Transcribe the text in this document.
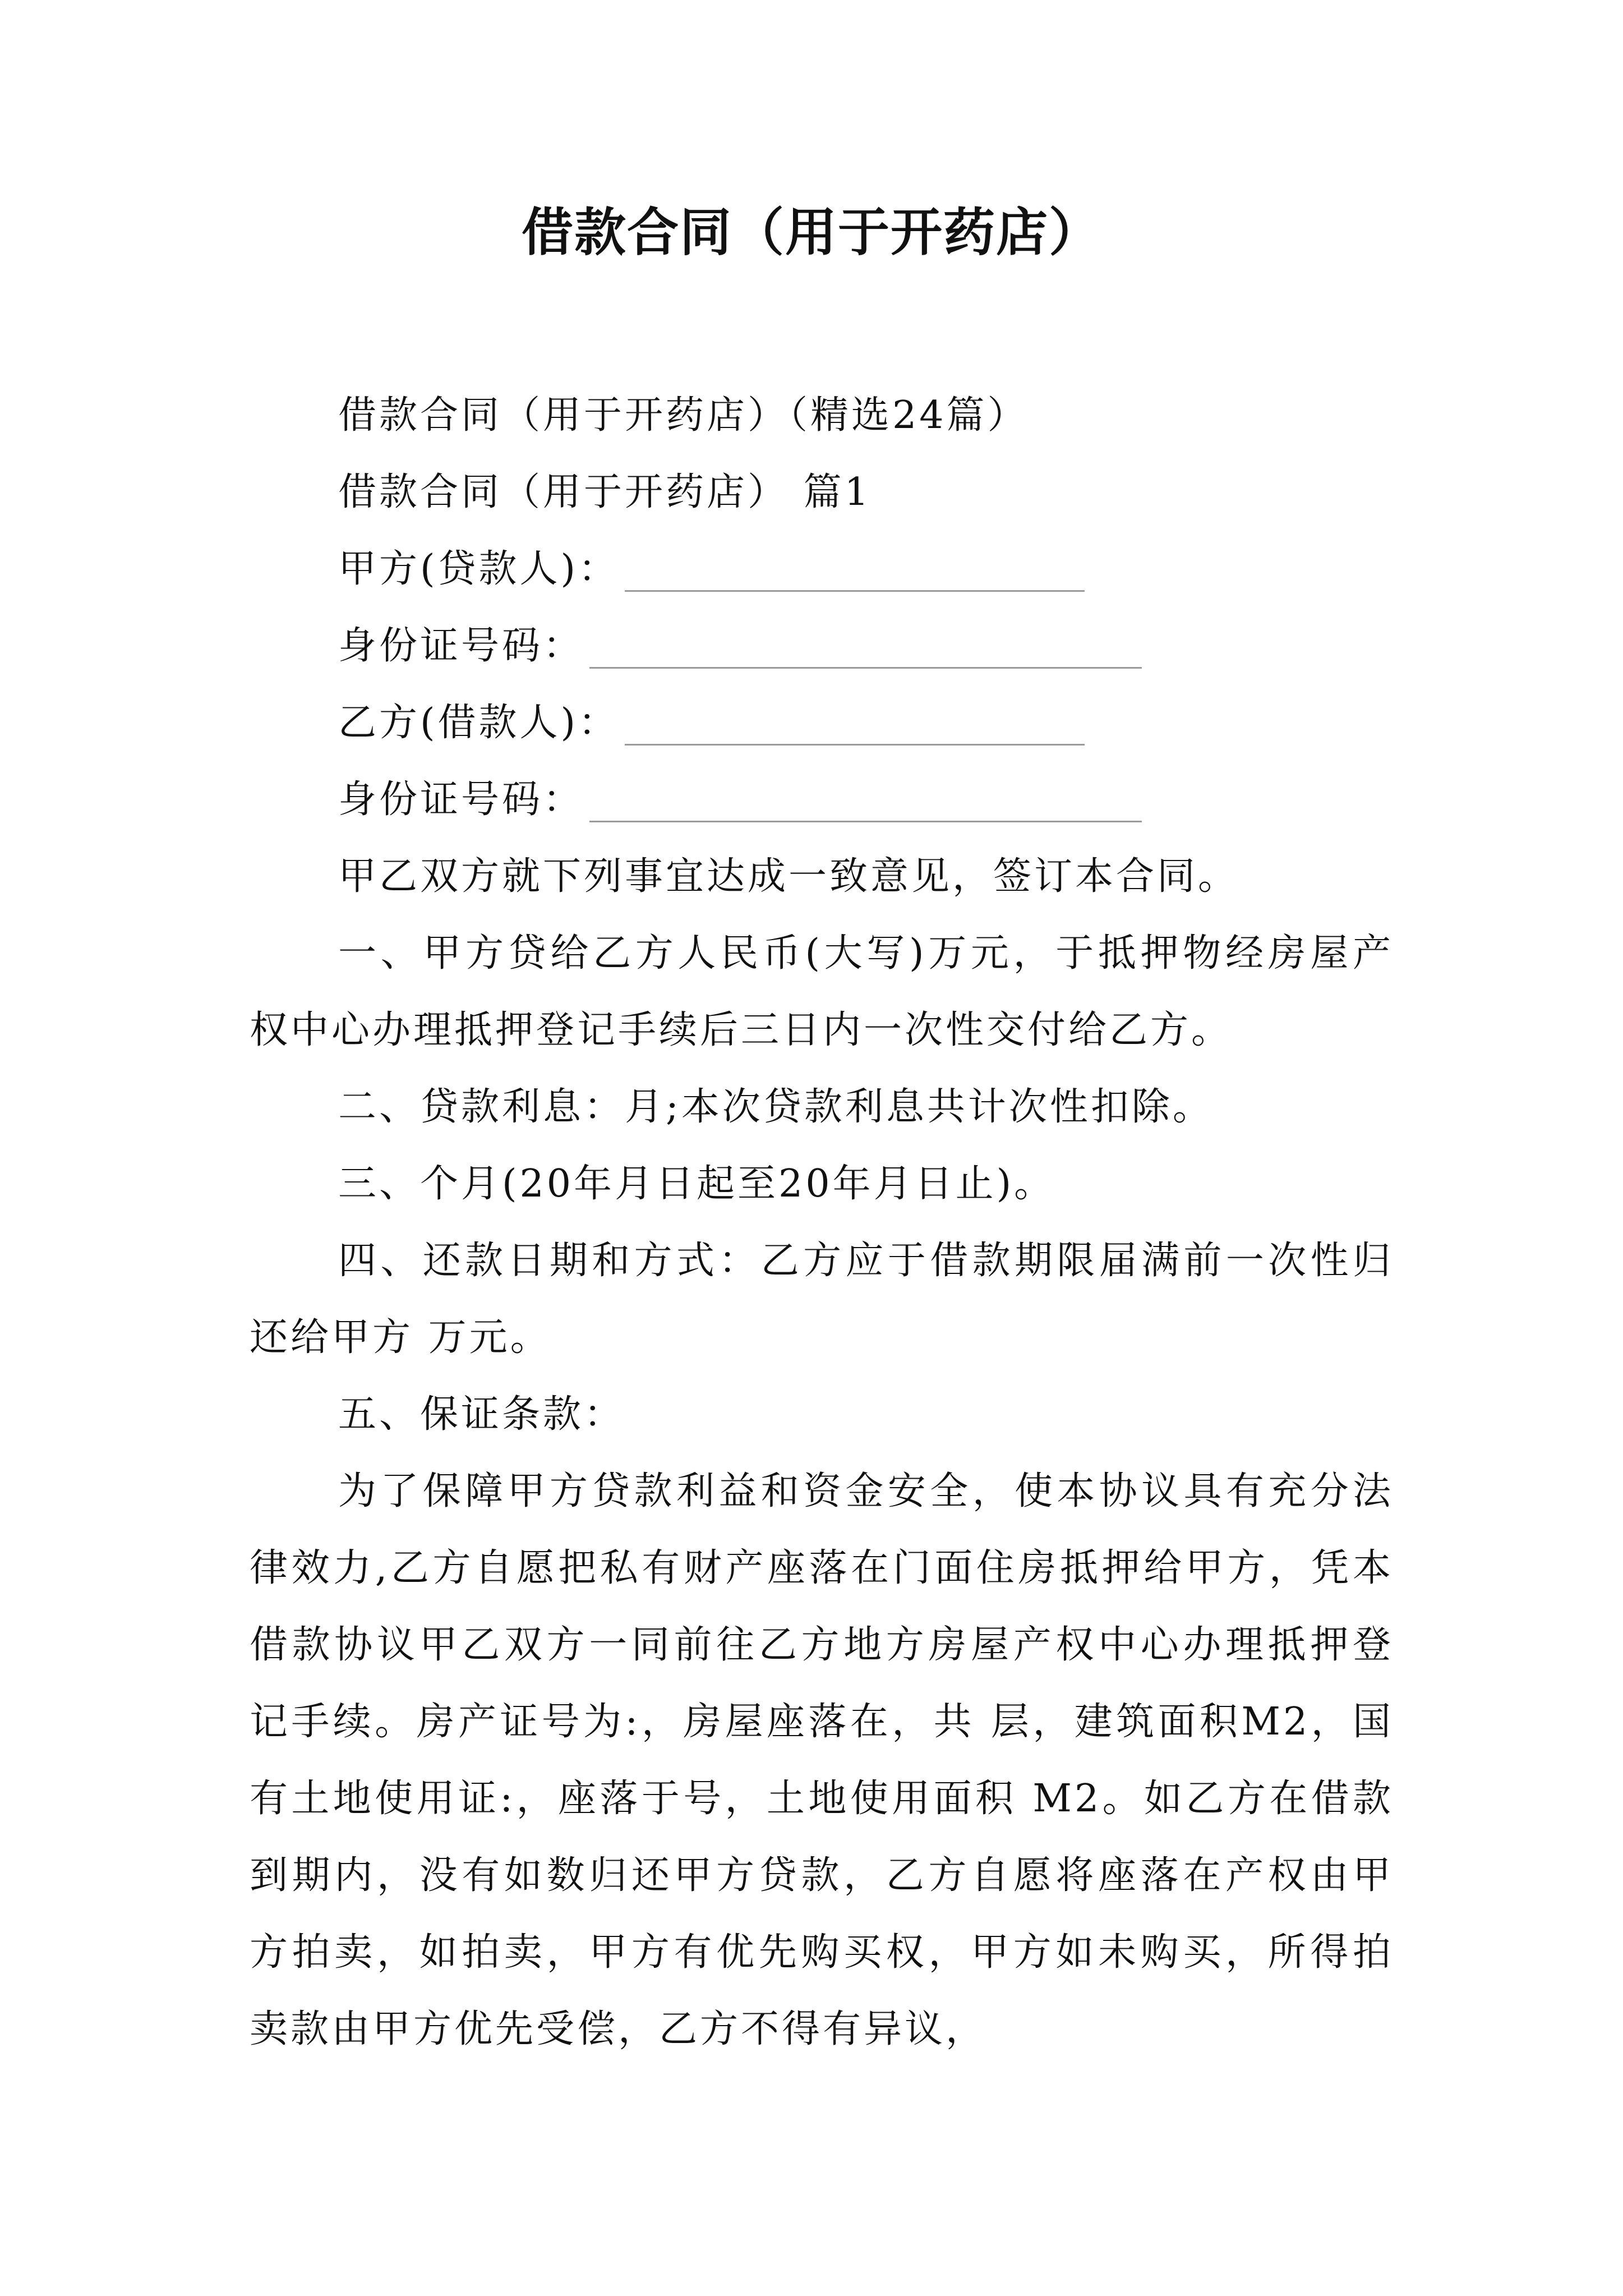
借款合同（用于开药店）

借款合同（用于开药店）（精选24篇）

借款合同（用于开药店） 篇1

甲方(贷款人)：
身份证号码：
乙方(借款人)：
身份证号码：

甲乙双方就下列事宜达成一致意见，签订本合同。

一、甲方贷给乙方人民币(大写)万元，于抵押物经房屋产权中心办理抵押登记手续后三日内一次性交付给乙方。

二、贷款利息：月;本次贷款利息共计次性扣除。

三、个月(20年月日起至20年月日止)。

四、还款日期和方式：乙方应于借款期限届满前一次性归还给甲方 万元。

五、保证条款：

为了保障甲方贷款利益和资金安全，使本协议具有充分法律效力,乙方自愿把私有财产座落在门面住房抵押给甲方，凭本借款协议甲乙双方一同前往乙方地方房屋产权中心办理抵押登记手续。房产证号为:，房屋座落在，共 层，建筑面积M2，国有土地使用证:，座落于号，土地使用面积 M2。如乙方在借款到期内，没有如数归还甲方贷款，乙方自愿将座落在产权由甲方拍卖，如拍卖，甲方有优先购买权，甲方如未购买，所得拍卖款由甲方优先受偿，乙方不得有异议，
